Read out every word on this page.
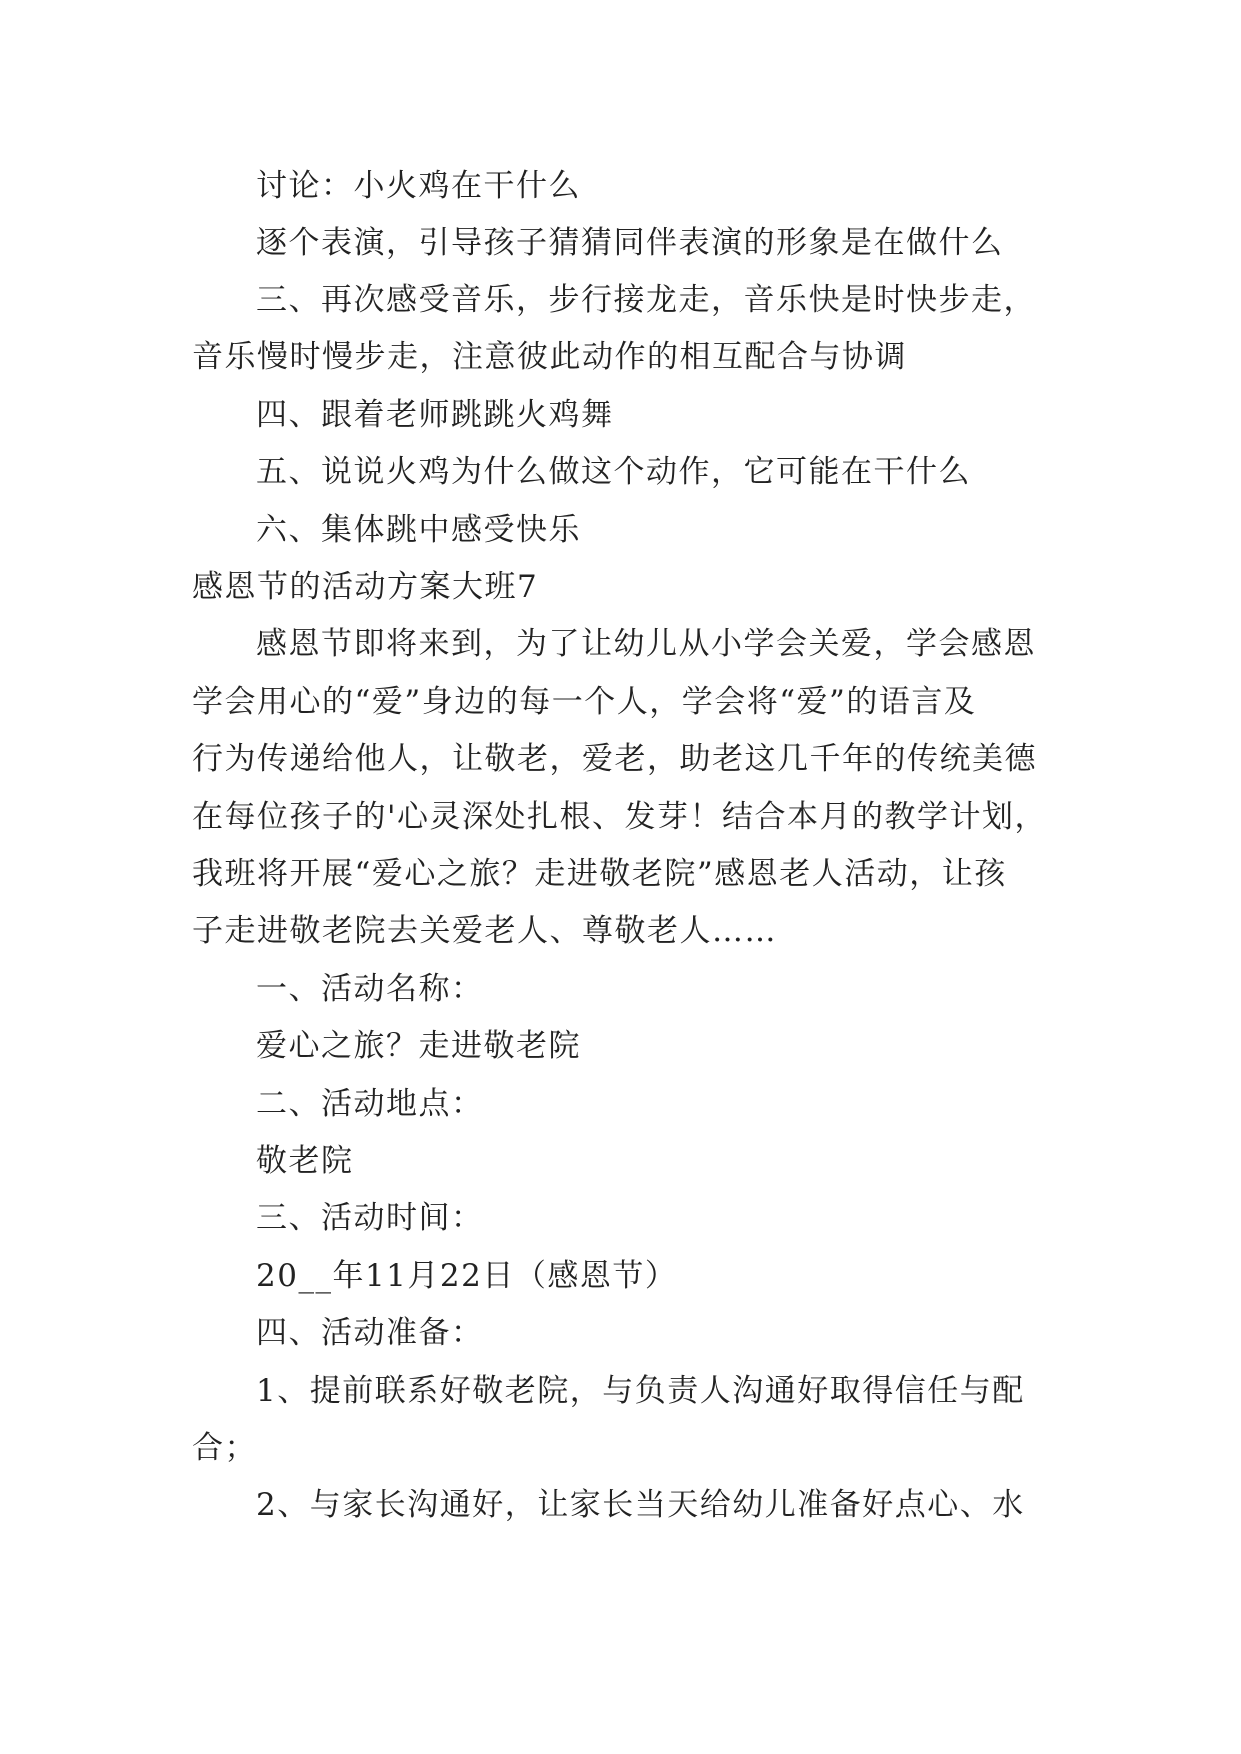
讨论：小火鸡在干什么
逐个表演，引导孩子猜猜同伴表演的形象是在做什么
三、再次感受音乐，步行接龙走，音乐快是时快步走，
音乐慢时慢步走，注意彼此动作的相互配合与协调
四、跟着老师跳跳火鸡舞
五、说说火鸡为什么做这个动作，它可能在干什么
六、集体跳中感受快乐
感恩节的活动方案大班7
感恩节即将来到，为了让幼儿从小学会关爱，学会感恩
学会用心的“爱”身边的每一个人，学会将“爱”的语言及
行为传递给他人，让敬老，爱老，助老这几千年的传统美德
在每位孩子的'心灵深处扎根、发芽！结合本月的教学计划，
我班将开展“爱心之旅？走进敬老院”感恩老人活动，让孩
子走进敬老院去关爱老人、尊敬老人……
一、活动名称：
爱心之旅？走进敬老院
二、活动地点：
敬老院
三、活动时间：
20__年11月22日（感恩节）
四、活动准备：
1、提前联系好敬老院，与负责人沟通好取得信任与配
合；
2、与家长沟通好，让家长当天给幼儿准备好点心、水
